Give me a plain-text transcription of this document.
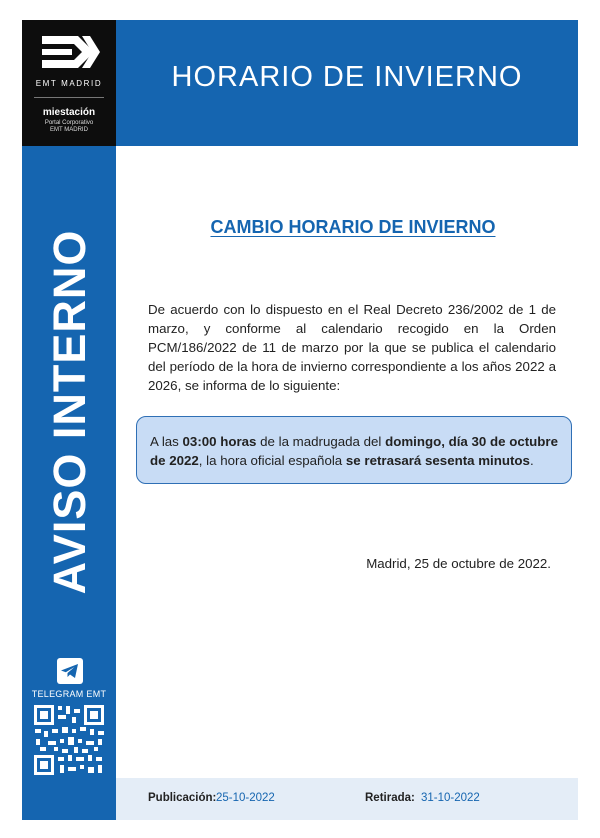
EMT MADRID
miestación
Portal Corporativo
EMT MADRID
HORARIO DE INVIERNO
AVISO INTERNO
TELEGRAM EMT
CAMBIO HORARIO DE INVIERNO
De acuerdo con lo dispuesto en el Real Decreto 236/2002 de 1 de marzo, y conforme al calendario recogido en la Orden PCM/186/2022 de 11 de marzo por la que se publica el calendario del período de la hora de invierno correspondiente a los años 2022 a 2026, se informa de lo siguiente:
A las 03:00 horas de la madrugada del domingo, día 30 de octubre de 2022, la hora oficial española se retrasará sesenta minutos.
Madrid, 25 de octubre de 2022.
Publicación: 25-10-2022	Retirada: 31-10-2022
